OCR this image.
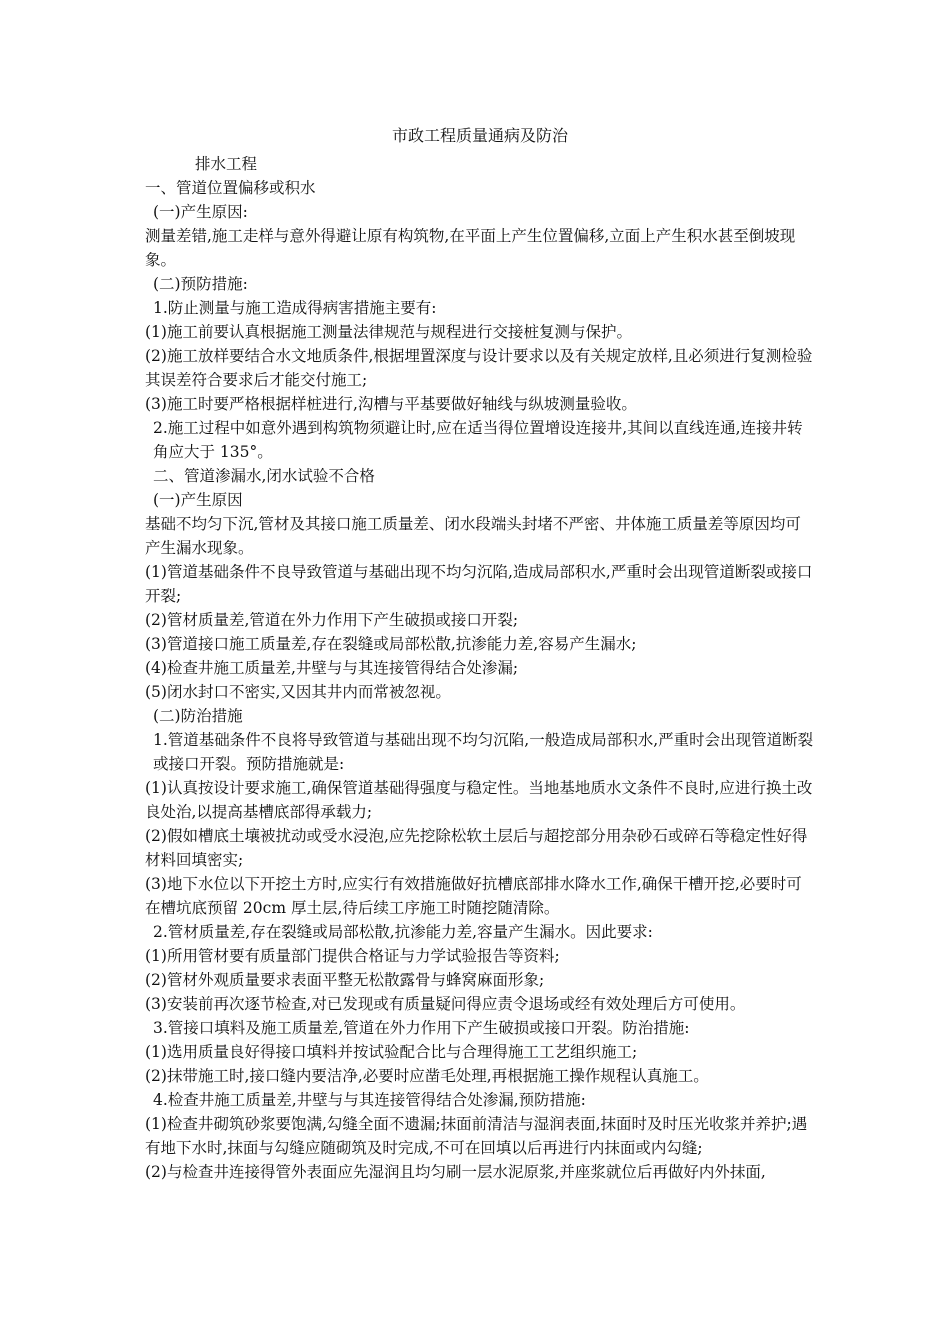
市政工程质量通病及防治

排水工程

一、管道位置偏移或积水

(一)产生原因:

测量差错,施工走样与意外得避让原有构筑物,在平面上产生位置偏移,立面上产生积水甚至倒坡现象。

(二)预防措施:

1.防止测量与施工造成得病害措施主要有:

(1)施工前要认真根据施工测量法律规范与规程进行交接桩复测与保护。

(2)施工放样要结合水文地质条件,根据埋置深度与设计要求以及有关规定放样,且必须进行复测检验其误差符合要求后才能交付施工;

(3)施工时要严格根据样桩进行,沟槽与平基要做好轴线与纵坡测量验收。

2.施工过程中如意外遇到构筑物须避让时,应在适当得位置增设连接井,其间以直线连通,连接井转角应大于 135°。

二、管道渗漏水,闭水试验不合格

(一)产生原因

基础不均匀下沉,管材及其接口施工质量差、闭水段端头封堵不严密、井体施工质量差等原因均可产生漏水现象。

(1)管道基础条件不良导致管道与基础出现不均匀沉陷,造成局部积水,严重时会出现管道断裂或接口开裂;

(2)管材质量差,管道在外力作用下产生破损或接口开裂;

(3)管道接口施工质量差,存在裂缝或局部松散,抗渗能力差,容易产生漏水;

(4)检查井施工质量差,井壁与与其连接管得结合处渗漏;

(5)闭水封口不密实,又因其井内而常被忽视。

(二)防治措施

1.管道基础条件不良将导致管道与基础出现不均匀沉陷,一般造成局部积水,严重时会出现管道断裂或接口开裂。预防措施就是:

(1)认真按设计要求施工,确保管道基础得强度与稳定性。当地基地质水文条件不良时,应进行换土改良处治,以提高基槽底部得承载力;

(2)假如槽底土壤被扰动或受水浸泡,应先挖除松软土层后与超挖部分用杂砂石或碎石等稳定性好得材料回填密实;

(3)地下水位以下开挖土方时,应实行有效措施做好抗槽底部排水降水工作,确保干槽开挖,必要时可在槽坑底预留 20cm 厚土层,待后续工序施工时随挖随清除。

2.管材质量差,存在裂缝或局部松散,抗渗能力差,容量产生漏水。因此要求:

(1)所用管材要有质量部门提供合格证与力学试验报告等资料;

(2)管材外观质量要求表面平整无松散露骨与蜂窝麻面形象;

(3)安装前再次逐节检查,对已发现或有质量疑问得应责令退场或经有效处理后方可使用。

3.管接口填料及施工质量差,管道在外力作用下产生破损或接口开裂。防治措施:

(1)选用质量良好得接口填料并按试验配合比与合理得施工工艺组织施工;

(2)抹带施工时,接口缝内要洁净,必要时应凿毛处理,再根据施工操作规程认真施工。

4.检查井施工质量差,井壁与与其连接管得结合处渗漏,预防措施:

(1)检查井砌筑砂浆要饱满,勾缝全面不遗漏;抹面前清洁与湿润表面,抹面时及时压光收浆并养护;遇有地下水时,抹面与勾缝应随砌筑及时完成,不可在回填以后再进行内抹面或内勾缝;

(2)与检查井连接得管外表面应先湿润且均匀刷一层水泥原浆,并座浆就位后再做好内外抹面,
